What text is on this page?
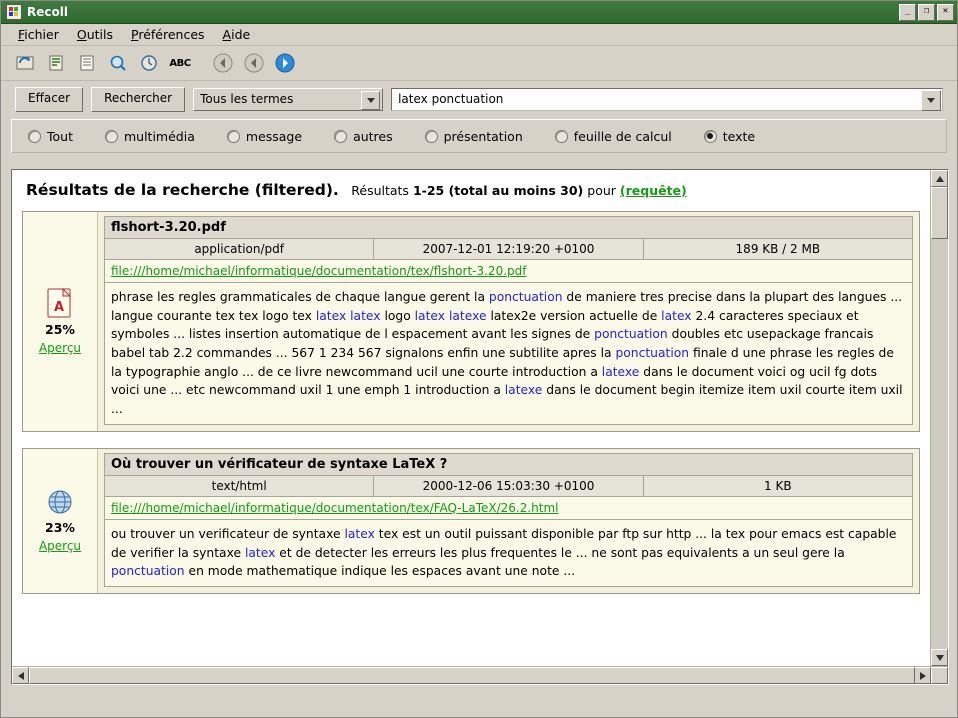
Recoll	_	❐	✕
Fichier	Outils	Préférences	Aide
ABC
Effacer	Rechercher	Tous les termes	latex ponctuation
Tout	multimédia	message	autres	présentation	feuille de calcul	texte
Résultats de la recherche (filtered). Résultats 1-25 (total au moins 30) pour (requête)
A
25%
Aperçu
flshort-3.20.pdf
application/pdf	2007-12-01 12:19:20 +0100	189 KB / 2 MB
file:///home/michael/informatique/documentation/tex/flshort-3.20.pdf
phrase les regles grammaticales de chaque langue gerent la ponctuation de maniere tres precise dans la plupart des langues ... langue courante tex tex logo tex latex latex logo latex latexe latex2e version actuelle de latex 2.4 caracteres speciaux et symboles ... listes insertion automatique de l espacement avant les signes de ponctuation doubles etc usepackage francais babel tab 2.2 commandes ... 567 1 234 567 signalons enfin une subtilite apres la ponctuation finale d une phrase les regles de la typographie anglo ... de ce livre newcommand ucil une courte introduction a latexe dans le document voici og ucil fg dots voici une ... etc newcommand uxil 1 une emph 1 introduction a latexe dans le document begin itemize item uxil courte item uxil ...
23%
Aperçu
Où trouver un vérificateur de syntaxe LaTeX ?
text/html	2000-12-06 15:03:30 +0100	1 KB
file:///home/michael/informatique/documentation/tex/FAQ-LaTeX/26.2.html
ou trouver un verificateur de syntaxe latex tex est un outil puissant disponible par ftp sur http ... la tex pour emacs est capable de verifier la syntaxe latex et de detecter les erreurs les plus frequentes le ... ne sont pas equivalents a un seul gere la ponctuation en mode mathematique indique les espaces avant une note ...
